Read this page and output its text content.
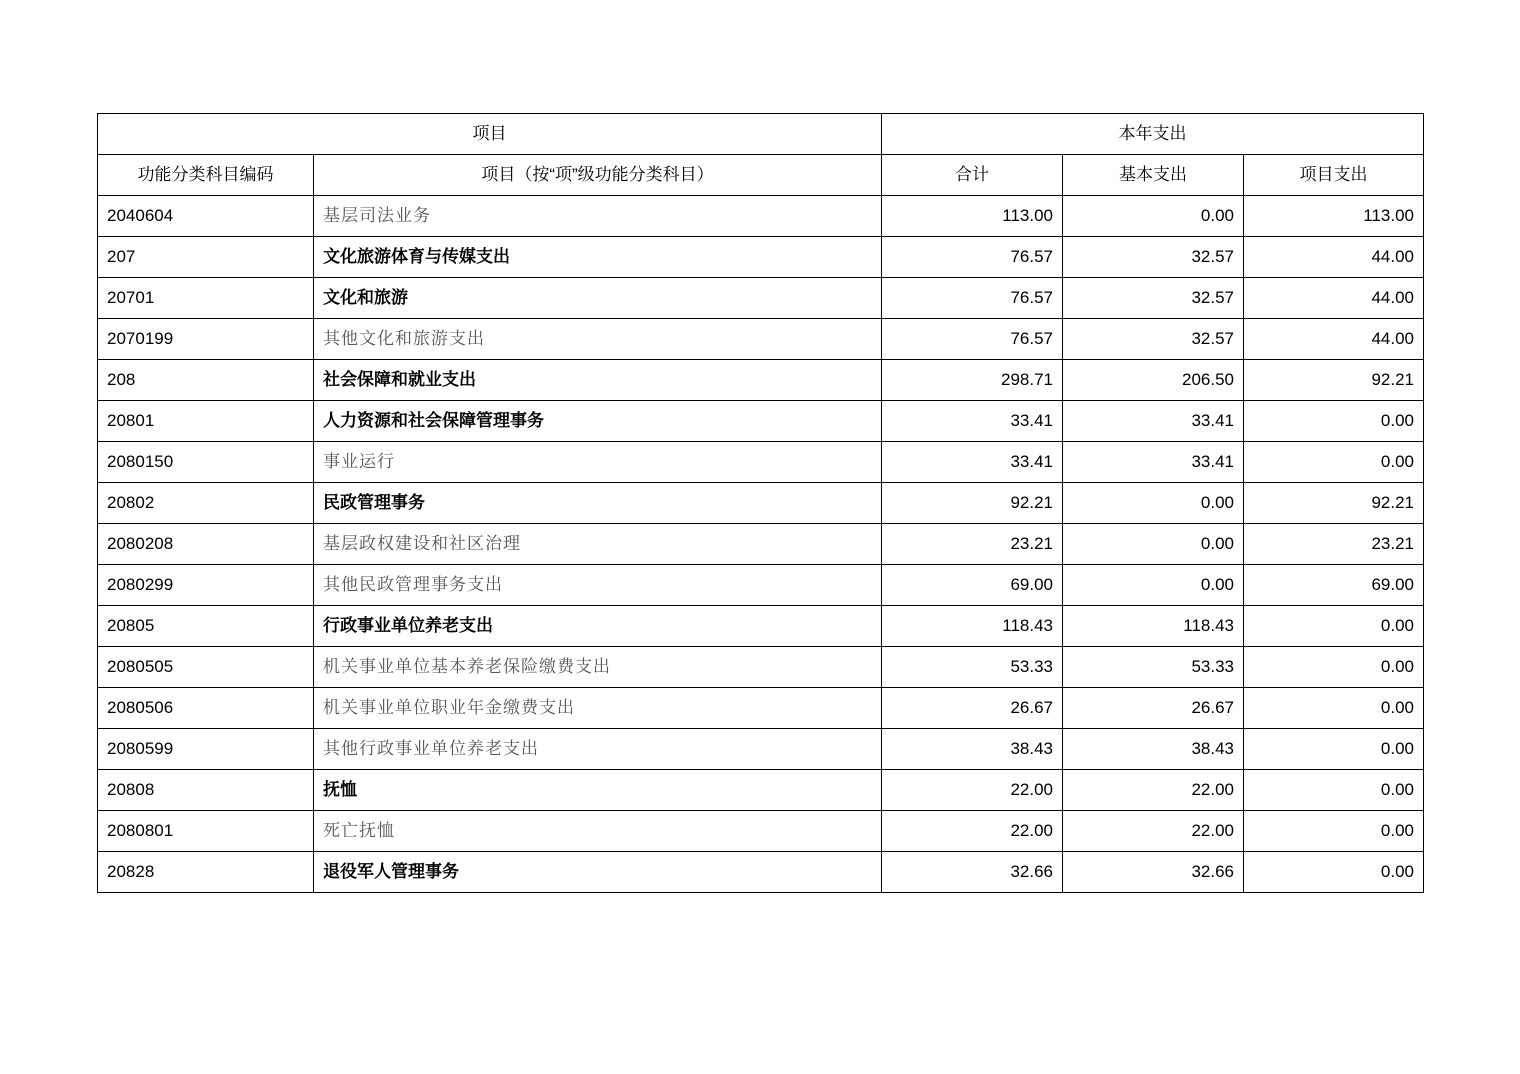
项目		本年支出		
功能分类科目编码	项目（按“项”级功能分类科目）	合计	基本支出	项目支出
2040604	基层司法业务	113.00	0.00	113.00
207	文化旅游体育与传媒支出	76.57	32.57	44.00
20701	文化和旅游	76.57	32.57	44.00
2070199	其他文化和旅游支出	76.57	32.57	44.00
208	社会保障和就业支出	298.71	206.50	92.21
20801	人力资源和社会保障管理事务	33.41	33.41	0.00
2080150	事业运行	33.41	33.41	0.00
20802	民政管理事务	92.21	0.00	92.21
2080208	基层政权建设和社区治理	23.21	0.00	23.21
2080299	其他民政管理事务支出	69.00	0.00	69.00
20805	行政事业单位养老支出	118.43	118.43	0.00
2080505	机关事业单位基本养老保险缴费支出	53.33	53.33	0.00
2080506	机关事业单位职业年金缴费支出	26.67	26.67	0.00
2080599	其他行政事业单位养老支出	38.43	38.43	0.00
20808	抚恤	22.00	22.00	0.00
2080801	死亡抚恤	22.00	22.00	0.00
20828	退役军人管理事务	32.66	32.66	0.00
